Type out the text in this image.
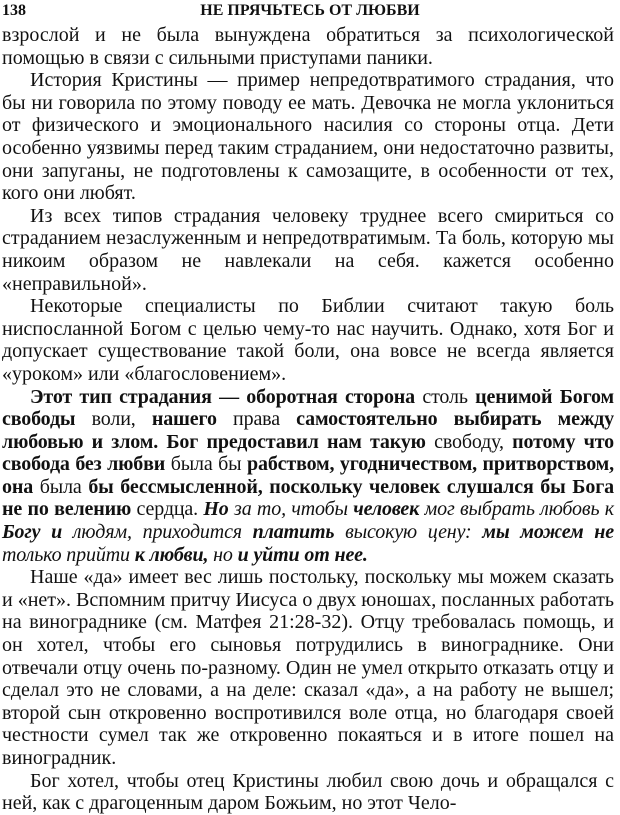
138	НЕ ПРЯЧЬТЕСЬ ОТ ЛЮБВИ

взрослой и не была вынуждена обратиться за психологической помощью в связи с сильными приступами паники.

История Кристины — пример непредотвратимого страдания, что бы ни говорила по этому поводу ее мать. Девочка не могла уклониться от физического и эмоционального насилия со стороны отца. Дети особенно уязвимы перед таким страданием, они недостаточно развиты, они запуганы, не подготовлены к самозащите, в особенности от тех, кого они любят.

Из всех типов страдания человеку труднее всего смириться со страданием незаслуженным и непредотвратимым. Та боль, которую мы никоим образом не навлекали на себя. кажется особенно «неправильной».

Некоторые специалисты по Библии считают такую боль ниспосланной Богом с целью чему-то нас научить. Однако, хотя Бог и допускает существование такой боли, она вовсе не всегда является «уроком» или «благословением».

Этот тип страдания — оборотная сторона столь ценимой Богом свободы воли, нашего права самостоятельно выбирать между любовью и злом. Бог предоставил нам такую свободу, потому что свобода без любви была бы рабством, угодничеством, притворством, она была бы бессмысленной, поскольку человек слушался бы Бога не по велению сердца. Но за то, чтобы человек мог выбрать любовь к Богу и людям, приходится платить высокую цену: мы можем не только прийти к любви, но и уйти от нее.

Наше «да» имеет вес лишь постольку, поскольку мы можем сказать и «нет». Вспомним притчу Иисуса о двух юношах, посланных работать на винограднике (см. Матфея 21:28-32). Отцу требовалась помощь, и он хотел, чтобы его сыновья потрудились в винограднике. Они отвечали отцу очень по-разному. Один не умел открыто отказать отцу и сделал это не словами, а на деле: сказал «да», а на работу не вышел; второй сын откровенно воспротивился воле отца, но благодаря своей честности сумел так же откровенно покаяться и в итоге пошел на виноградник.

Бог хотел, чтобы отец Кристины любил свою дочь и обращался с ней, как с драгоценным даром Божьим, но этот Чело-
